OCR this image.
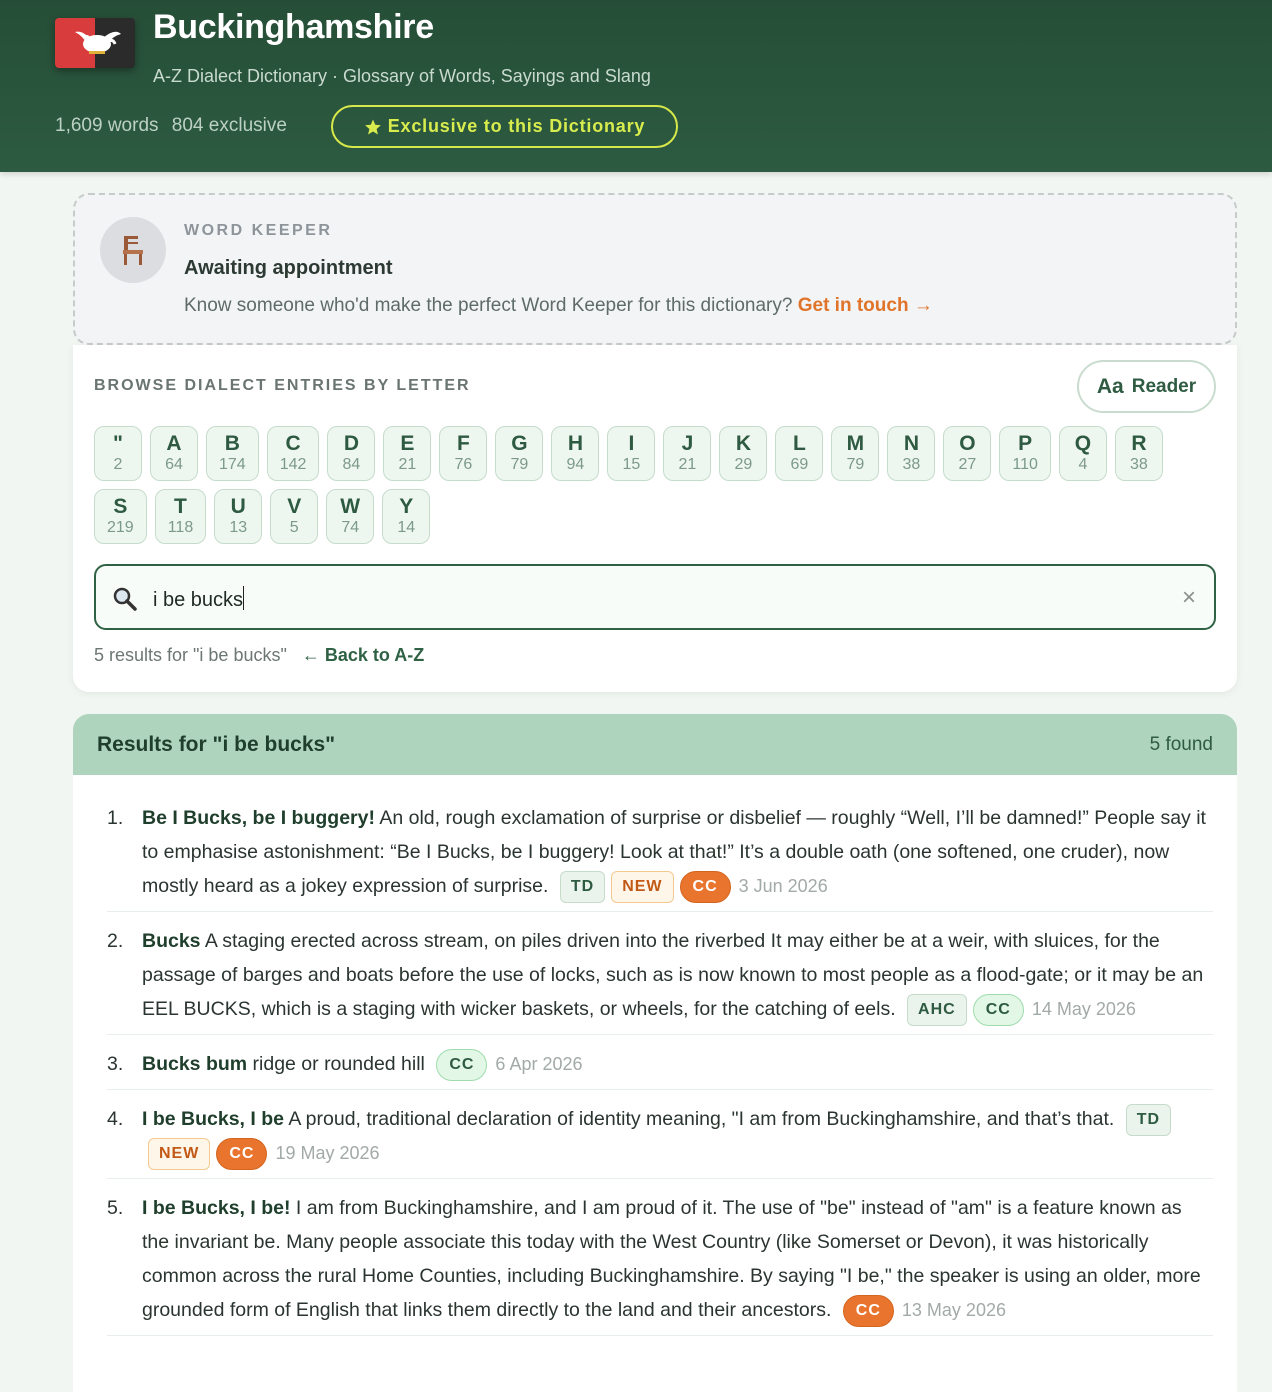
Buckinghamshire
A-Z Dialect Dictionary · Glossary of Words, Sayings and Slang
1,609 words 804 exclusive	Exclusive to this Dictionary
WORD KEEPER
Awaiting appointment
Know someone who'd make the perfect Word Keeper for this dictionary? Get in touch →
BROWSE DIALECT ENTRIES BY LETTER	Aa Reader
"
2
A
64
B
174
C
142
D
84
E
21
F
76
G
79
H
94
I
15
J
21
K
29
L
69
M
79
N
38
O
27
P
110
Q
4
R
38
S
219
T
118
U
13
V
5
W
74
Y
14
i be bucks	×
5 results for "i be bucks" ← Back to A-Z
Results for "i be bucks"	5 found
1. Be I Bucks, be I buggery! An old, rough exclamation of surprise or disbelief — roughly “Well, I’ll be damned!” People say it to emphasise astonishment: “Be I Bucks, be I buggery! Look at that!” It’s a double oath (one softened, one cruder), now mostly heard as a jokey expression of surprise. TD NEW CC 3 Jun 2026
2. Bucks A staging erected across stream, on piles driven into the riverbed It may either be at a weir, with sluices, for the passage of barges and boats before the use of locks, such as is now known to most people as a flood-gate; or it may be an EEL BUCKS, which is a staging with wicker baskets, or wheels, for the catching of eels. AHC CC 14 May 2026
3. Bucks bum ridge or rounded hill CC 6 Apr 2026
4. I be Bucks, I be A proud, traditional declaration of identity meaning, "I am from Buckinghamshire, and that’s that. TDNEW CC 19 May 2026
5. I be Bucks, I be! I am from Buckinghamshire, and I am proud of it. The use of "be" instead of "am" is a feature known as the invariant be. Many people associate this today with the West Country (like Somerset or Devon), it was historically common across the rural Home Counties, including Buckinghamshire. By saying "I be," the speaker is using an older, more grounded form of English that links them directly to the land and their ancestors. CC 13 May 2026
